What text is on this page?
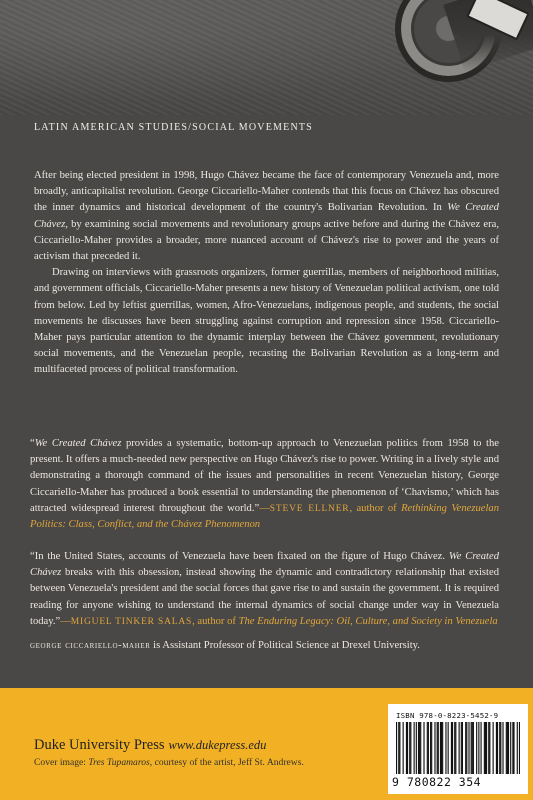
LATIN AMERICAN STUDIES/SOCIAL MOVEMENTS

After being elected president in 1998, Hugo Chávez became the face of contemporary Venezuela and, more broadly, anticapitalist revolution. George Ciccariello-Maher contends that this focus on Chávez has obscured the inner dynamics and historical development of the country's Bolivarian Revolution. In We Created Chávez, by examining social movements and revolutionary groups active before and during the Chávez era, Ciccariello-Maher provides a broader, more nuanced account of Chávez's rise to power and the years of activism that preceded it.

Drawing on interviews with grassroots organizers, former guerrillas, members of neighborhood militias, and government officials, Ciccariello-Maher presents a new history of Venezuelan political activism, one told from below. Led by leftist guerrillas, women, Afro-Venezuelans, indigenous people, and students, the social movements he discusses have been struggling against corruption and repression since 1958. Ciccariello-Maher pays particular attention to the dynamic interplay between the Chávez government, revolutionary social movements, and the Venezuelan people, recasting the Bolivarian Revolution as a long-term and multifaceted process of political transformation.

“We Created Chávez provides a systematic, bottom-up approach to Venezuelan politics from 1958 to the present. It offers a much-needed new perspective on Hugo Chávez's rise to power. Writing in a lively style and demonstrating a thorough command of the issues and personalities in recent Venezuelan history, George Ciccariello-Maher has produced a book essential to understanding the phenomenon of ‘Chavismo,’ which has attracted widespread interest throughout the world.”—STEVE ELLNER, author of Rethinking Venezuelan Politics: Class, Conflict, and the Chávez Phenomenon

“In the United States, accounts of Venezuela have been fixated on the figure of Hugo Chávez. We Created Chávez breaks with this obsession, instead showing the dynamic and contradictory relationship that existed between Venezuela's president and the social forces that gave rise to and sustain the government. It is required reading for anyone wishing to understand the internal dynamics of social change under way in Venezuela today.”—MIGUEL TINKER SALAS, author of The Enduring Legacy: Oil, Culture, and Society in Venezuela

george ciccariello-maher is Assistant Professor of Political Science at Drexel University.
Duke University Press www.dukepress.edu
Cover image: Tres Tupamaros, courtesy of the artist, Jeff St. Andrews.
ISBN 978-0-8223-5452-9
9 780822 354
